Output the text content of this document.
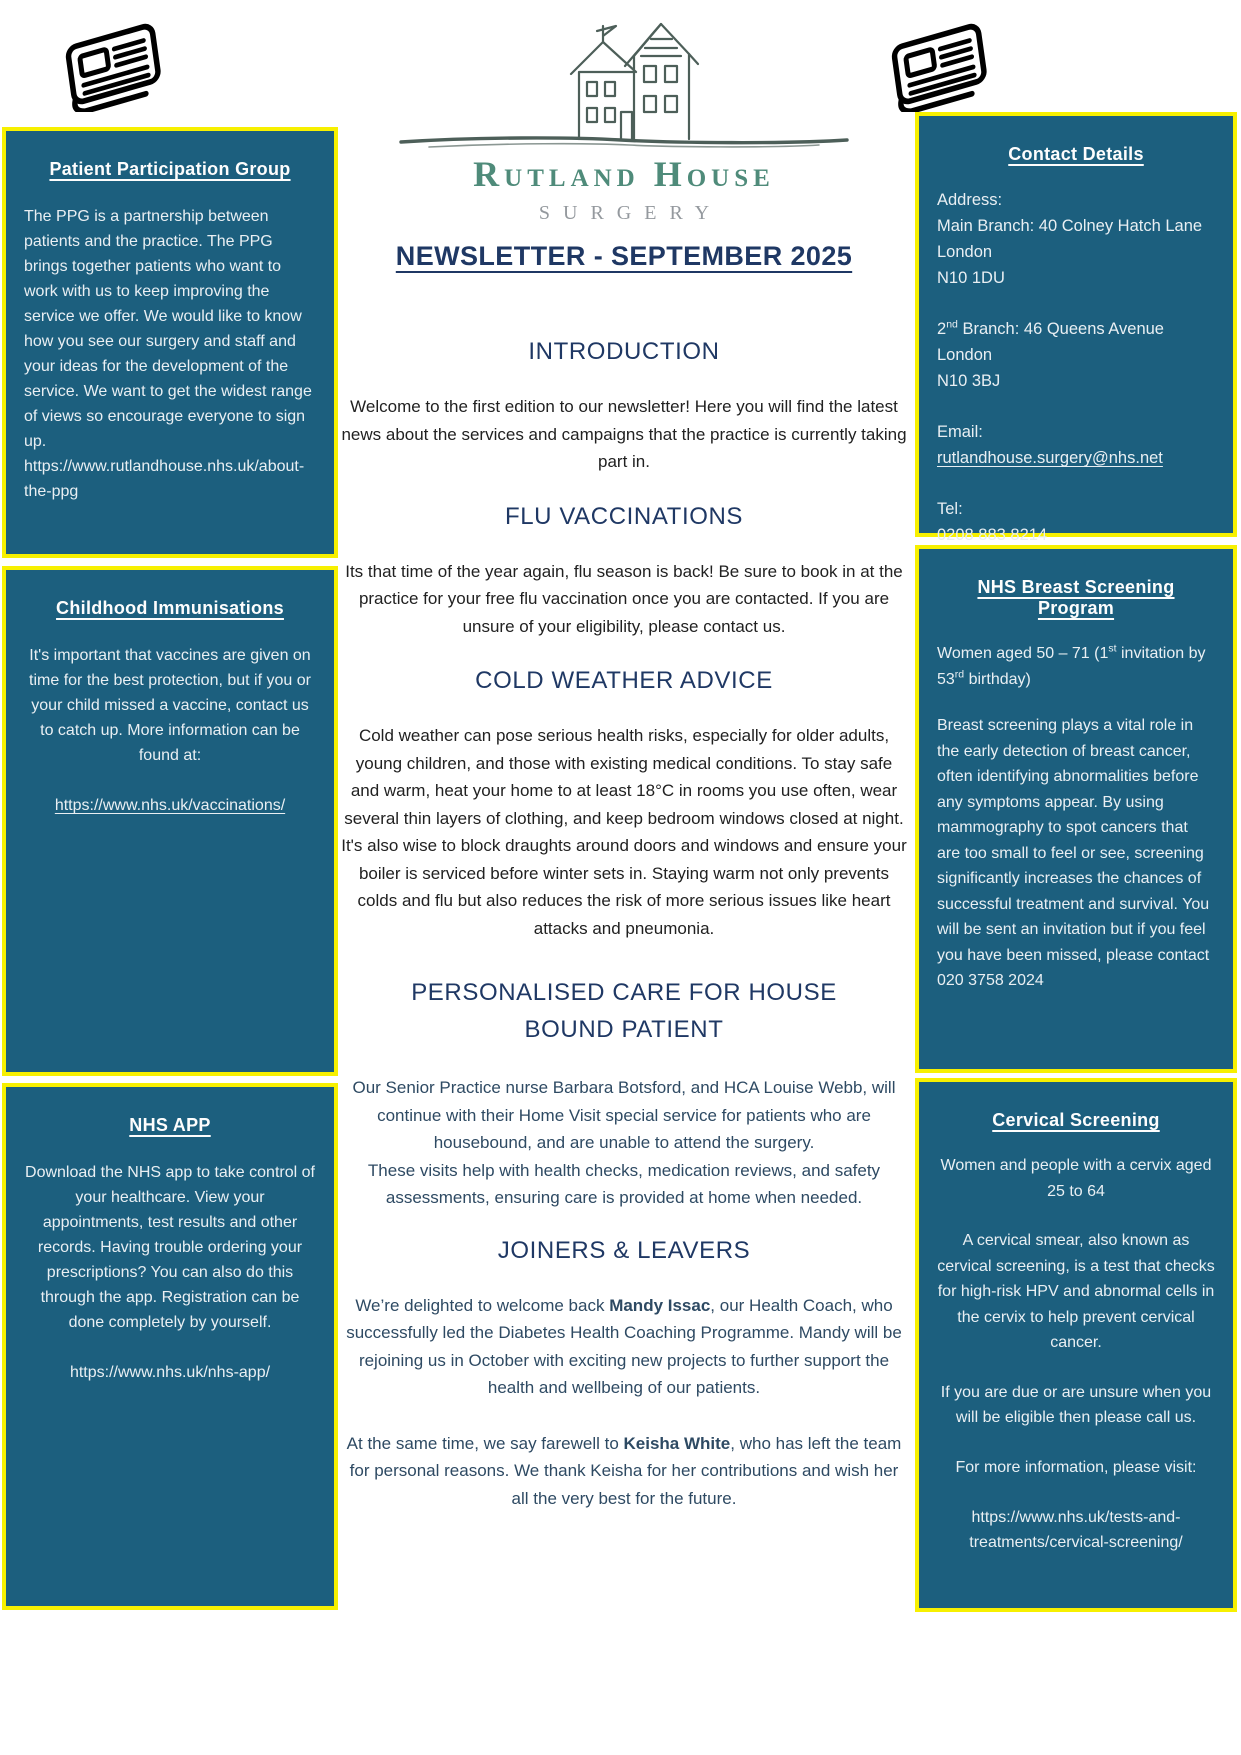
Patient Participation Group

The PPG is a partnership between patients and the practice. The PPG brings together patients who want to work with us to keep improving the service we offer. We would like to know how you see our surgery and staff and your ideas for the development of the service. We want to get the widest range of views so encourage everyone to sign up. https://www.rutlandhouse.nhs.uk/about-the-ppg

Childhood Immunisations

It's important that vaccines are given on time for the best protection, but if you or your child missed a vaccine, contact us to catch up. More information can be found at:

https://www.nhs.uk/vaccinations/

NHS APP

Download the NHS app to take control of your healthcare. View your appointments, test results and other records. Having trouble ordering your prescriptions? You can also do this through the app. Registration can be done completely by yourself.

https://www.nhs.uk/nhs-app/

Rutland House
SURGERY
NEWSLETTER - SEPTEMBER 2025
INTRODUCTION

Welcome to the first edition to our newsletter! Here you will find the latest news about the services and campaigns that the practice is currently taking part in.

FLU VACCINATIONS

Its that time of the year again, flu season is back! Be sure to book in at the practice for your free flu vaccination once you are contacted. If you are unsure of your eligibility, please contact us.

COLD WEATHER ADVICE

Cold weather can pose serious health risks, especially for older adults, young children, and those with existing medical conditions. To stay safe and warm, heat your home to at least 18°C in rooms you use often, wear several thin layers of clothing, and keep bedroom windows closed at night. It's also wise to block draughts around doors and windows and ensure your boiler is serviced before winter sets in. Staying warm not only prevents colds and flu but also reduces the risk of more serious issues like heart attacks and pneumonia.

PERSONALISED CARE FOR HOUSE
BOUND PATIENT

Our Senior Practice nurse Barbara Botsford, and HCA Louise Webb, will continue with their Home Visit special service for patients who are housebound, and are unable to attend the surgery.

These visits help with health checks, medication reviews, and safety assessments, ensuring care is provided at home when needed.

JOINERS & LEAVERS

We’re delighted to welcome back Mandy Issac, our Health Coach, who successfully led the Diabetes Health Coaching Programme. Mandy will be rejoining us in October with exciting new projects to further support the health and wellbeing of our patients.

At the same time, we say farewell to Keisha White, who has left the team for personal reasons. We thank Keisha for her contributions and wish her all the very best for the future.

Contact Details
Address:
Main Branch: 40 Colney Hatch Lane
London
N10 1DU
2nd Branch: 46 Queens Avenue
London
N10 3BJ
Email:
rutlandhouse.surgery@nhs.net
Tel:
0208 883 8214
NHS Breast Screening Program

Women aged 50 – 71 (1st invitation by 53rd birthday)

Breast screening plays a vital role in the early detection of breast cancer, often identifying abnormalities before any symptoms appear. By using mammography to spot cancers that are too small to feel or see, screening significantly increases the chances of successful treatment and survival. You will be sent an invitation but if you feel you have been missed, please contact 020 3758 2024

Cervical Screening

Women and people with a cervix aged 25 to 64

A cervical smear, also known as cervical screening, is a test that checks for high-risk HPV and abnormal cells in the cervix to help prevent cervical cancer.

If you are due or are unsure when you will be eligible then please call us.

For more information, please visit:

https://www.nhs.uk/tests-and-treatments/cervical-screening/
